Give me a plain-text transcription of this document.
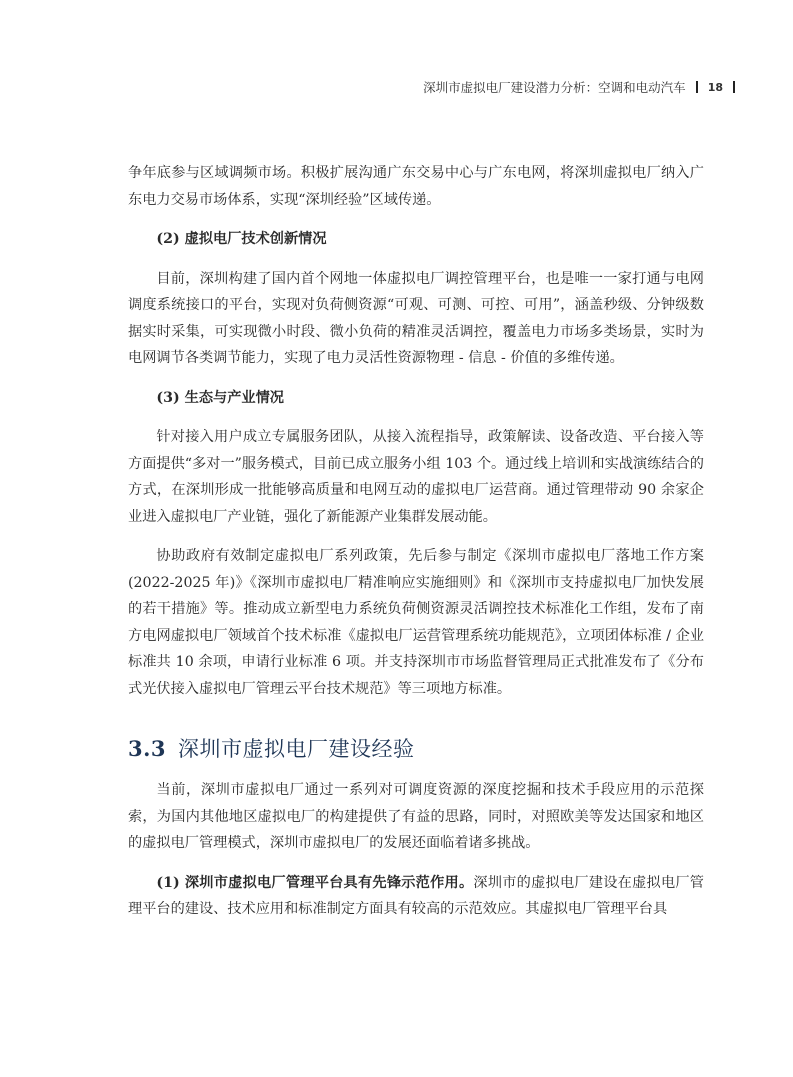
深圳市虚拟电厂建设潜力分析：空调和电动汽车 18

争年底参与区域调频市场。积极扩展沟通广东交易中心与广东电网，将深圳虚拟电厂纳入广东电力交易市场体系，实现“深圳经验”区域传递。

(2) 虚拟电厂技术创新情况

目前，深圳构建了国内首个网地一体虚拟电厂调控管理平台，也是唯一一家打通与电网调度系统接口的平台，实现对负荷侧资源“可观、可测、可控、可用”，涵盖秒级、分钟级数据实时采集，可实现微小时段、微小负荷的精准灵活调控，覆盖电力市场多类场景，实时为电网调节各类调节能力，实现了电力灵活性资源物理 - 信息 - 价值的多维传递。

(3) 生态与产业情况

针对接入用户成立专属服务团队，从接入流程指导，政策解读、设备改造、平台接入等方面提供“多对一”服务模式，目前已成立服务小组 103 个。通过线上培训和实战演练结合的方式，在深圳形成一批能够高质量和电网互动的虚拟电厂运营商。通过管理带动 90 余家企业进入虚拟电厂产业链，强化了新能源产业集群发展动能。

协助政府有效制定虚拟电厂系列政策，先后参与制定《深圳市虚拟电厂落地工作方案(2022-2025 年)》《深圳市虚拟电厂精准响应实施细则》和《深圳市支持虚拟电厂加快发展的若干措施》等。推动成立新型电力系统负荷侧资源灵活调控技术标准化工作组，发布了南方电网虚拟电厂领域首个技术标准《虚拟电厂运营管理系统功能规范》，立项团体标准 / 企业标准共 10 余项，申请行业标准 6 项。并支持深圳市市场监督管理局正式批准发布了《分布式光伏接入虚拟电厂管理云平台技术规范》等三项地方标准。

3.3 深圳市虚拟电厂建设经验

当前，深圳市虚拟电厂通过一系列对可调度资源的深度挖掘和技术手段应用的示范探索，为国内其他地区虚拟电厂的构建提供了有益的思路，同时，对照欧美等发达国家和地区的虚拟电厂管理模式，深圳市虚拟电厂的发展还面临着诸多挑战。

(1) 深圳市虚拟电厂管理平台具有先锋示范作用。深圳市的虚拟电厂建设在虚拟电厂管理平台的建设、技术应用和标准制定方面具有较高的示范效应。其虚拟电厂管理平台具
